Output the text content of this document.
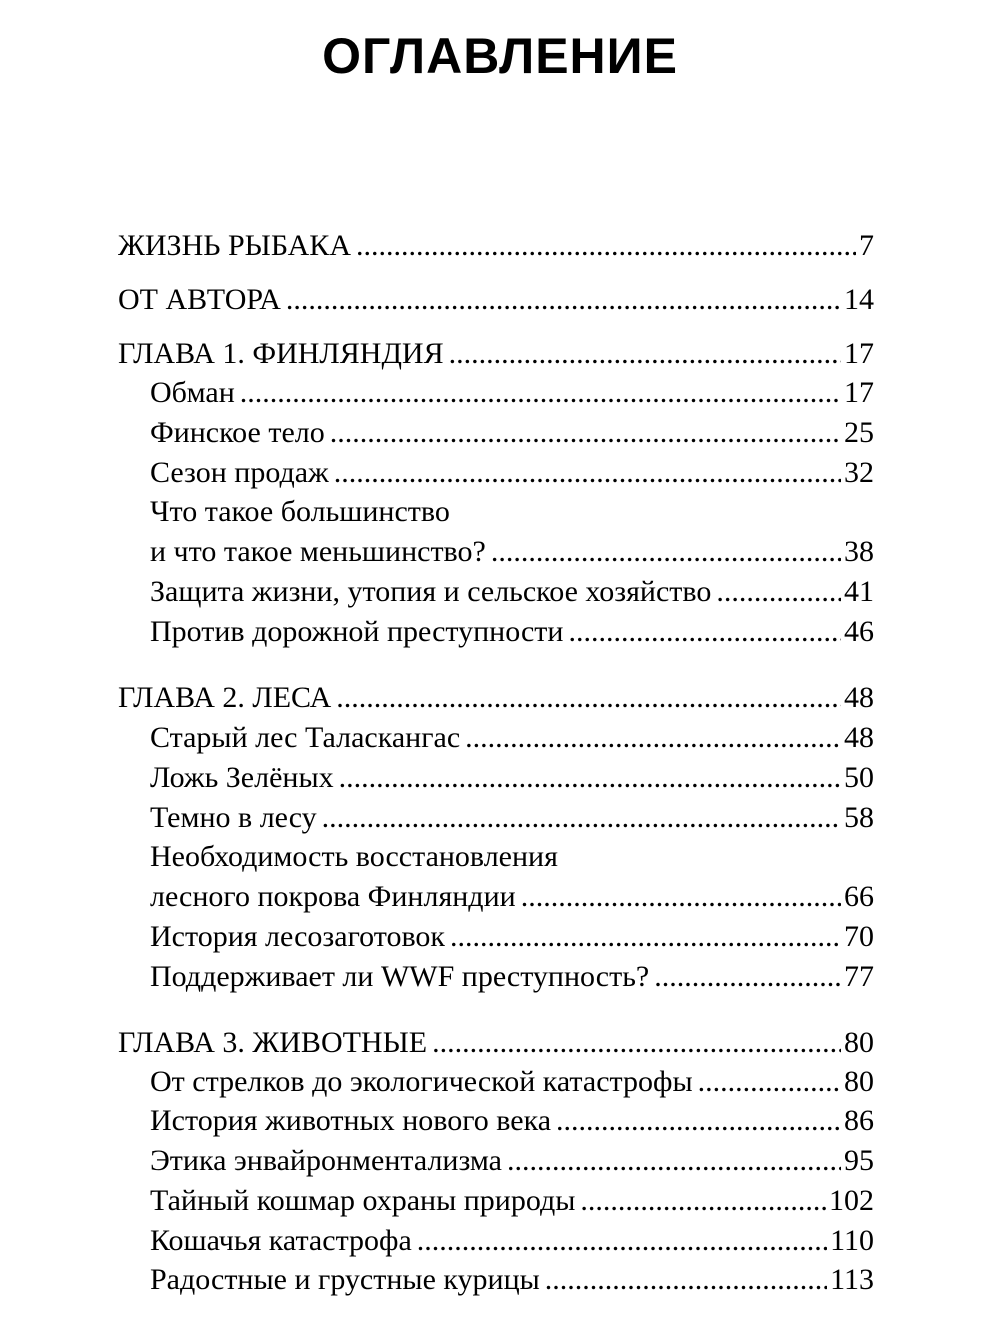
ОГЛАВЛЕНИЕ
ЖИЗНЬ РЫБАКА .....	7
ОТ АВТОРА .....	14
ГЛАВА 1. ФИНЛЯНДИЯ .....	17
Обман .....	17
Финское тело .....	25
Сезон продаж .....	32
Что такое большинство
и что такое меньшинство? .....	38
Защита жизни, утопия и сельское хозяйство .....	41
Против дорожной преступности .....	46
ГЛАВА 2. ЛЕСА .....	48
Старый лес Таласкангас .....	48
Ложь Зелёных .....	50
Темно в лесу .....	58
Необходимость восстановления
лесного покрова Финляндии .....	66
История лесозаготовок .....	70
Поддерживает ли WWF преступность? .....	77
ГЛАВА 3. ЖИВОТНЫЕ .....	80
От стрелков до экологической катастрофы .....	80
История животных нового века .....	86
Этика энвайронментализма .....	95
Тайный кошмар охраны природы .....	102
Кошачья катастрофа .....	110
Радостные и грустные курицы .....	113
